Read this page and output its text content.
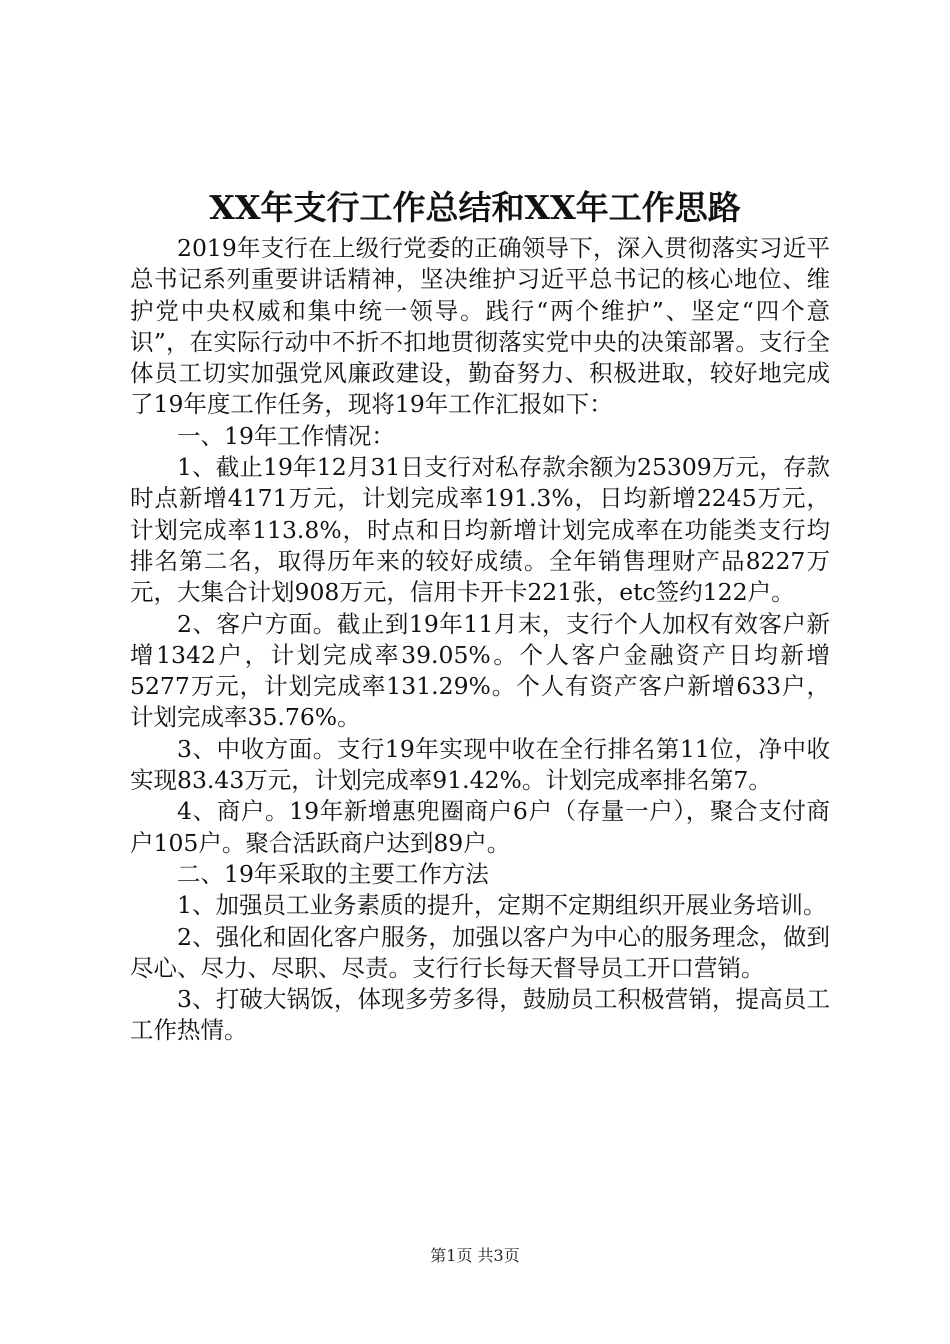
XX年支行工作总结和XX年工作思路

2019年支行在上级行党委的正确领导下，深入贯彻落实习近平总书记系列重要讲话精神，坚决维护习近平总书记的核心地位、维护党中央权威和集中统一领导。践行“两个维护”、坚定“四个意识”，在实际行动中不折不扣地贯彻落实党中央的决策部署。支行全体员工切实加强党风廉政建设，勤奋努力、积极进取，较好地完成了19年度工作任务，现将19年工作汇报如下：

一、19年工作情况：

1、截止19年12月31日支行对私存款余额为25309万元，存款时点新增4171万元，计划完成率191.3%，日均新增2245万元，计划完成率113.8%，时点和日均新增计划完成率在功能类支行均排名第二名，取得历年来的较好成绩。全年销售理财产品8227万元，大集合计划908万元，信用卡开卡221张，etc签约122户。

2、客户方面。截止到19年11月末，支行个人加权有效客户新增1342户，计划完成率39.05%。个人客户金融资产日均新增5277万元，计划完成率131.29%。个人有资产客户新增633户，计划完成率35.76%。

3、中收方面。支行19年实现中收在全行排名第11位，净中收实现83.43万元，计划完成率91.42%。计划完成率排名第7。

4、商户。19年新增惠兜圈商户6户（存量一户），聚合支付商户105户。聚合活跃商户达到89户。

二、19年采取的主要工作方法

1、加强员工业务素质的提升，定期不定期组织开展业务培训。

2、强化和固化客户服务，加强以客户为中心的服务理念，做到尽心、尽力、尽职、尽责。支行行长每天督导员工开口营销。

3、打破大锅饭，体现多劳多得，鼓励员工积极营销，提高员工工作热情。

第1页 共3页
